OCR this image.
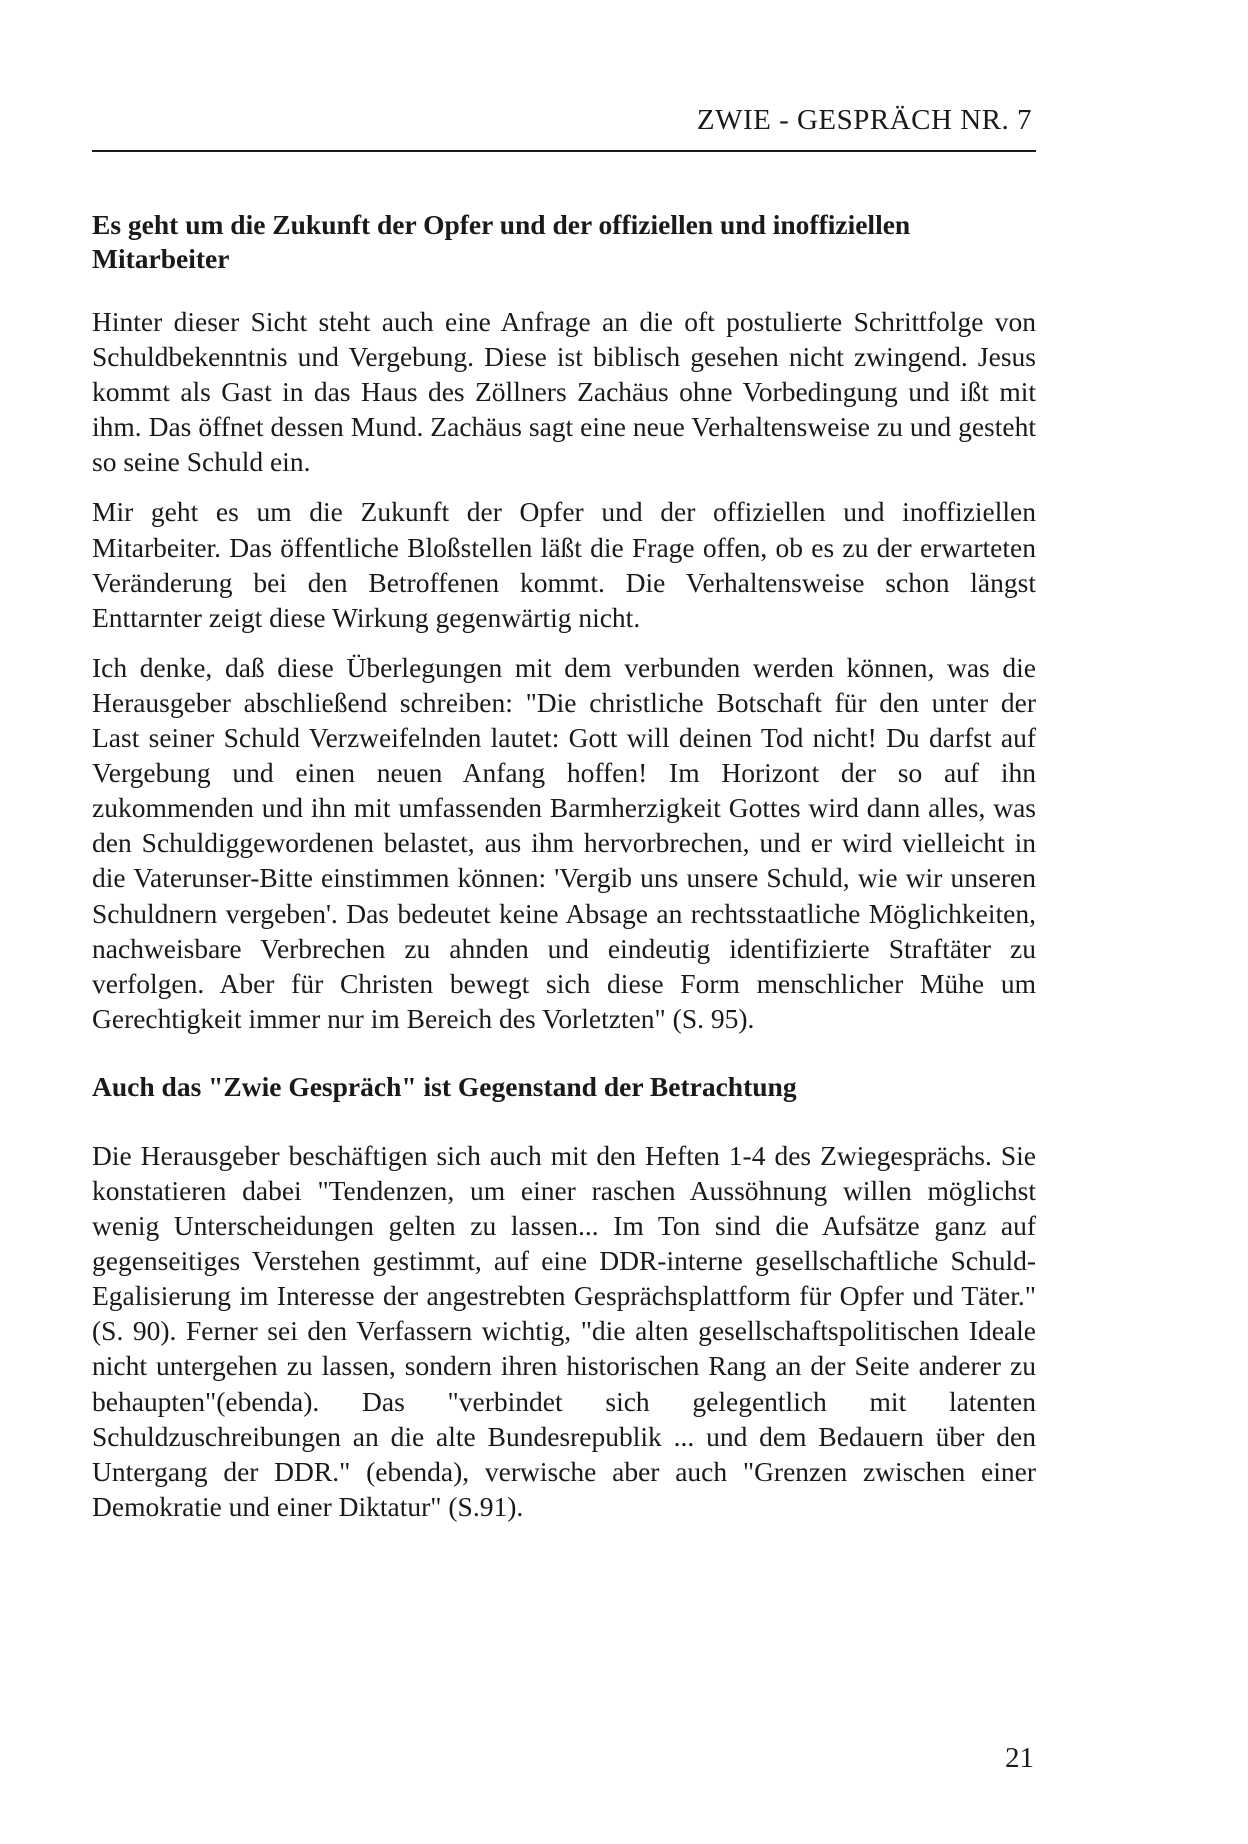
ZWIE - GESPRÄCH NR. 7
Es geht um die Zukunft der Opfer und der offiziellen und inoffiziellen Mitarbeiter

Hinter dieser Sicht steht auch eine Anfrage an die oft postulierte Schrittfolge von Schuldbekenntnis und Vergebung. Diese ist biblisch gesehen nicht zwingend. Jesus kommt als Gast in das Haus des Zöllners Zachäus ohne Vorbedingung und ißt mit ihm. Das öffnet dessen Mund. Zachäus sagt eine neue Verhaltensweise zu und gesteht so seine Schuld ein.

Mir geht es um die Zukunft der Opfer und der offiziellen und inoffiziellen Mitarbeiter. Das öffentliche Bloßstellen läßt die Frage offen, ob es zu der erwarteten Veränderung bei den Betroffenen kommt. Die Verhaltensweise schon längst Enttarnter zeigt diese Wirkung gegenwärtig nicht.

Ich denke, daß diese Überlegungen mit dem verbunden werden können, was die Herausgeber abschließend schreiben: "Die christliche Botschaft für den unter der Last seiner Schuld Verzweifelnden lautet: Gott will deinen Tod nicht! Du darfst auf Vergebung und einen neuen Anfang hoffen! Im Horizont der so auf ihn zukommenden und ihn mit umfassenden Barmherzigkeit Gottes wird dann alles, was den Schuldiggewordenen belastet, aus ihm hervorbrechen, und er wird vielleicht in die Vaterunser-Bitte einstimmen können: 'Vergib uns unsere Schuld, wie wir unseren Schuldnern vergeben'. Das bedeutet keine Absage an rechtsstaatliche Möglichkeiten, nachweisbare Verbrechen zu ahnden und eindeutig identifizierte Straftäter zu verfolgen. Aber für Christen bewegt sich diese Form menschlicher Mühe um Gerechtigkeit immer nur im Bereich des Vorletzten" (S. 95).

Auch das "Zwie Gespräch" ist Gegenstand der Betrachtung

Die Herausgeber beschäftigen sich auch mit den Heften 1-4 des Zwiegesprächs. Sie konstatieren dabei "Tendenzen, um einer raschen Aussöhnung willen möglichst wenig Unterscheidungen gelten zu lassen... Im Ton sind die Aufsätze ganz auf gegenseitiges Verstehen gestimmt, auf eine DDR-interne gesellschaftliche Schuld-Egalisierung im Interesse der angestrebten Gesprächsplattform für Opfer und Täter."(S. 90). Ferner sei den Verfassern wichtig, "die alten gesellschaftspolitischen Ideale nicht untergehen zu lassen, sondern ihren historischen Rang an der Seite anderer zu behaupten"(ebenda). Das "verbindet sich gelegentlich mit latenten Schuldzuschreibungen an die alte Bundesrepublik ... und dem Bedauern über den Untergang der DDR." (ebenda), verwische aber auch "Grenzen zwischen einer Demokratie und einer Diktatur" (S.91).

21
